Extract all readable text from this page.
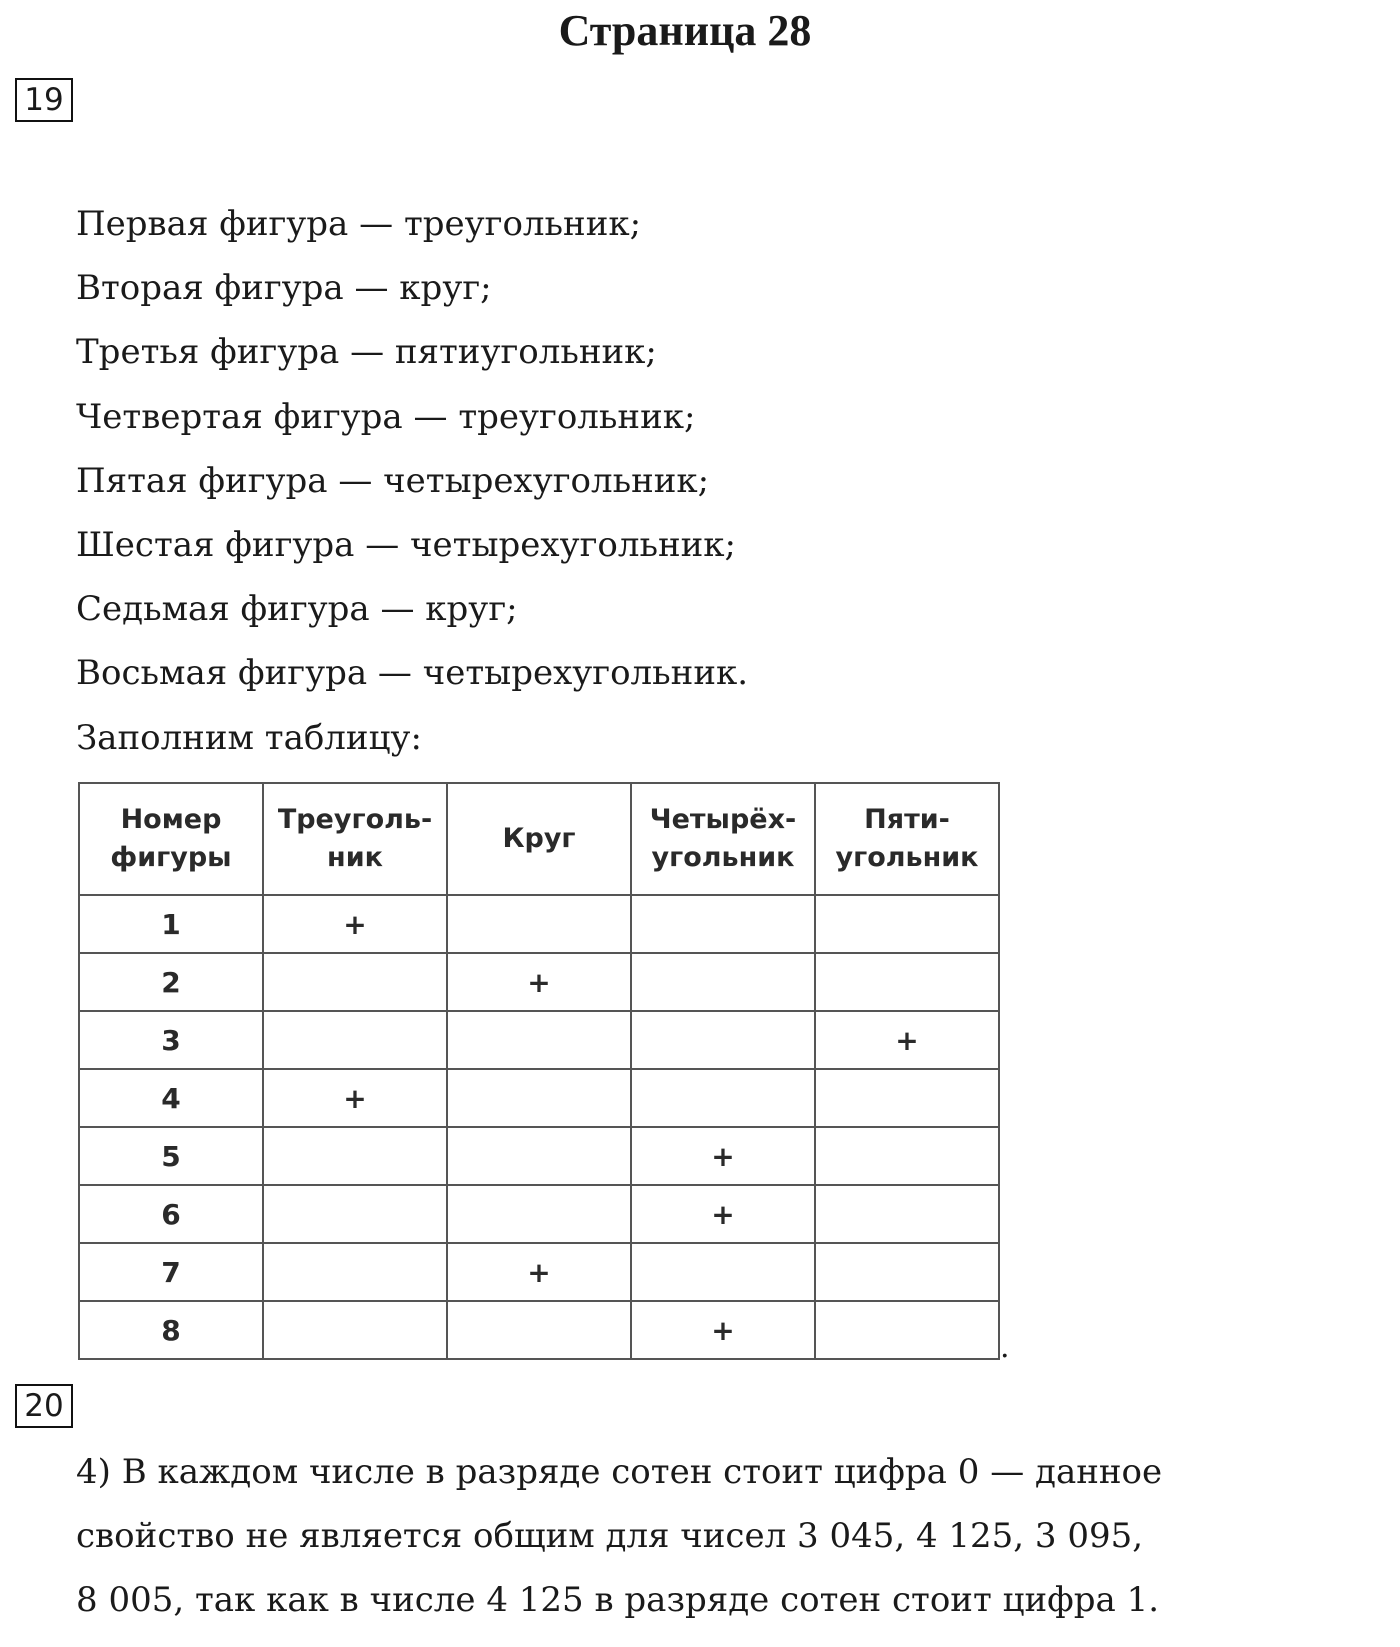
Страница 28
19
Первая фигура — треугольник;
Вторая фигура — круг;
Третья фигура — пятиугольник;
Четвертая фигура — треугольник;
Пятая фигура — четырехугольник;
Шестая фигура — четырехугольник;
Седьмая фигура — круг;
Восьмая фигура — четырехугольник.
Заполним таблицу:
Номер фигуры	Треуголь- ник	Круг	Четырёх- угольник	Пяти- угольник
1	+			
2		+		
3				+
4	+			
5			+	
6			+	
7		+		
8			+		.
20
4) В каждом числе в разряде сотен стоит цифра 0 — данное
свойство не является общим для чисел 3 045, 4 125, 3 095,
8 005, так как в числе 4 125 в разряде сотен стоит цифра 1.
